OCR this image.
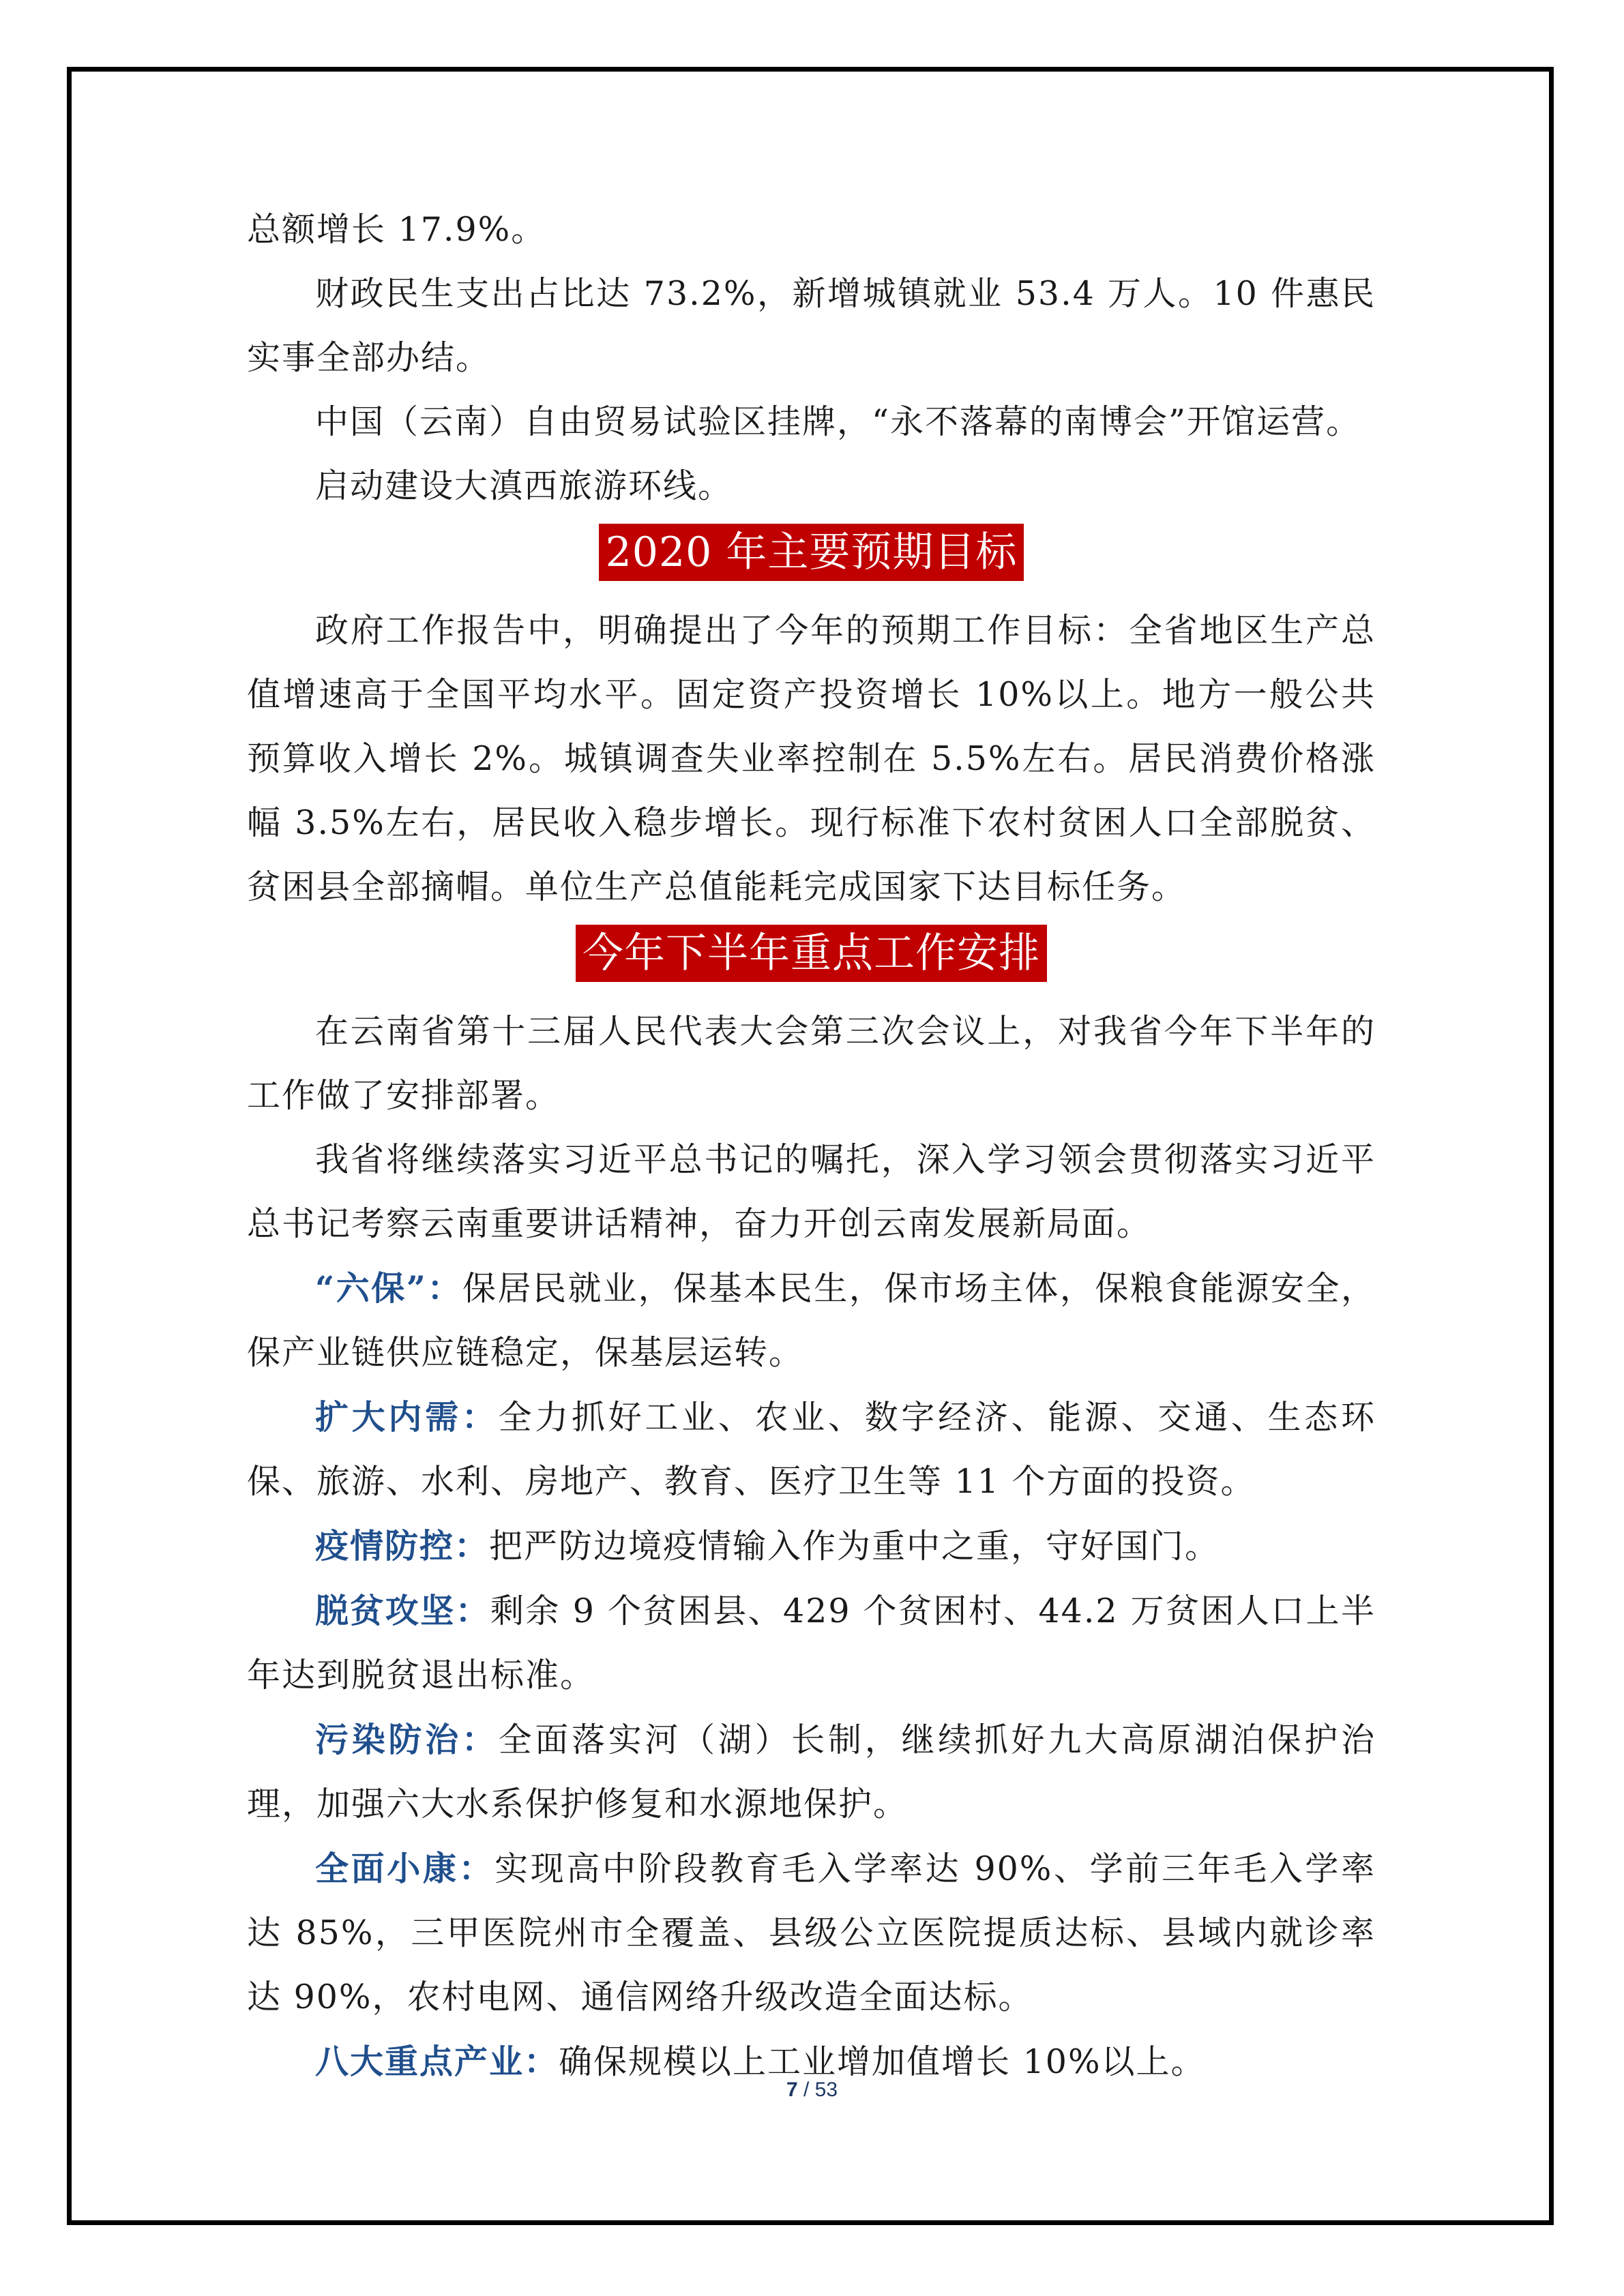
总额增长 17.9%。

财政民生支出占比达 73.2%，新增城镇就业 53.4 万人。10 件惠民实事全部办结。

中国（云南）自由贸易试验区挂牌，“永不落幕的南博会”开馆运营。

启动建设大滇西旅游环线。

2020 年主要预期目标

政府工作报告中，明确提出了今年的预期工作目标：全省地区生产总值增速高于全国平均水平。固定资产投资增长 10%以上。地方一般公共预算收入增长 2%。城镇调查失业率控制在 5.5%左右。居民消费价格涨幅 3.5%左右，居民收入稳步增长。现行标准下农村贫困人口全部脱贫、贫困县全部摘帽。单位生产总值能耗完成国家下达目标任务。

今年下半年重点工作安排

在云南省第十三届人民代表大会第三次会议上，对我省今年下半年的工作做了安排部署。

我省将继续落实习近平总书记的嘱托，深入学习领会贯彻落实习近平总书记考察云南重要讲话精神，奋力开创云南发展新局面。

“六保”：保居民就业，保基本民生，保市场主体，保粮食能源安全，保产业链供应链稳定，保基层运转。

扩大内需：全力抓好工业、农业、数字经济、能源、交通、生态环保、旅游、水利、房地产、教育、医疗卫生等 11 个方面的投资。

疫情防控：把严防边境疫情输入作为重中之重，守好国门。

脱贫攻坚：剩余 9 个贫困县、429 个贫困村、44.2 万贫困人口上半年达到脱贫退出标准。

污染防治：全面落实河（湖）长制，继续抓好九大高原湖泊保护治理，加强六大水系保护修复和水源地保护。

全面小康：实现高中阶段教育毛入学率达 90%、学前三年毛入学率达 85%，三甲医院州市全覆盖、县级公立医院提质达标、县域内就诊率达 90%，农村电网、通信网络升级改造全面达标。

八大重点产业：确保规模以上工业增加值增长 10%以上。

7 / 53
